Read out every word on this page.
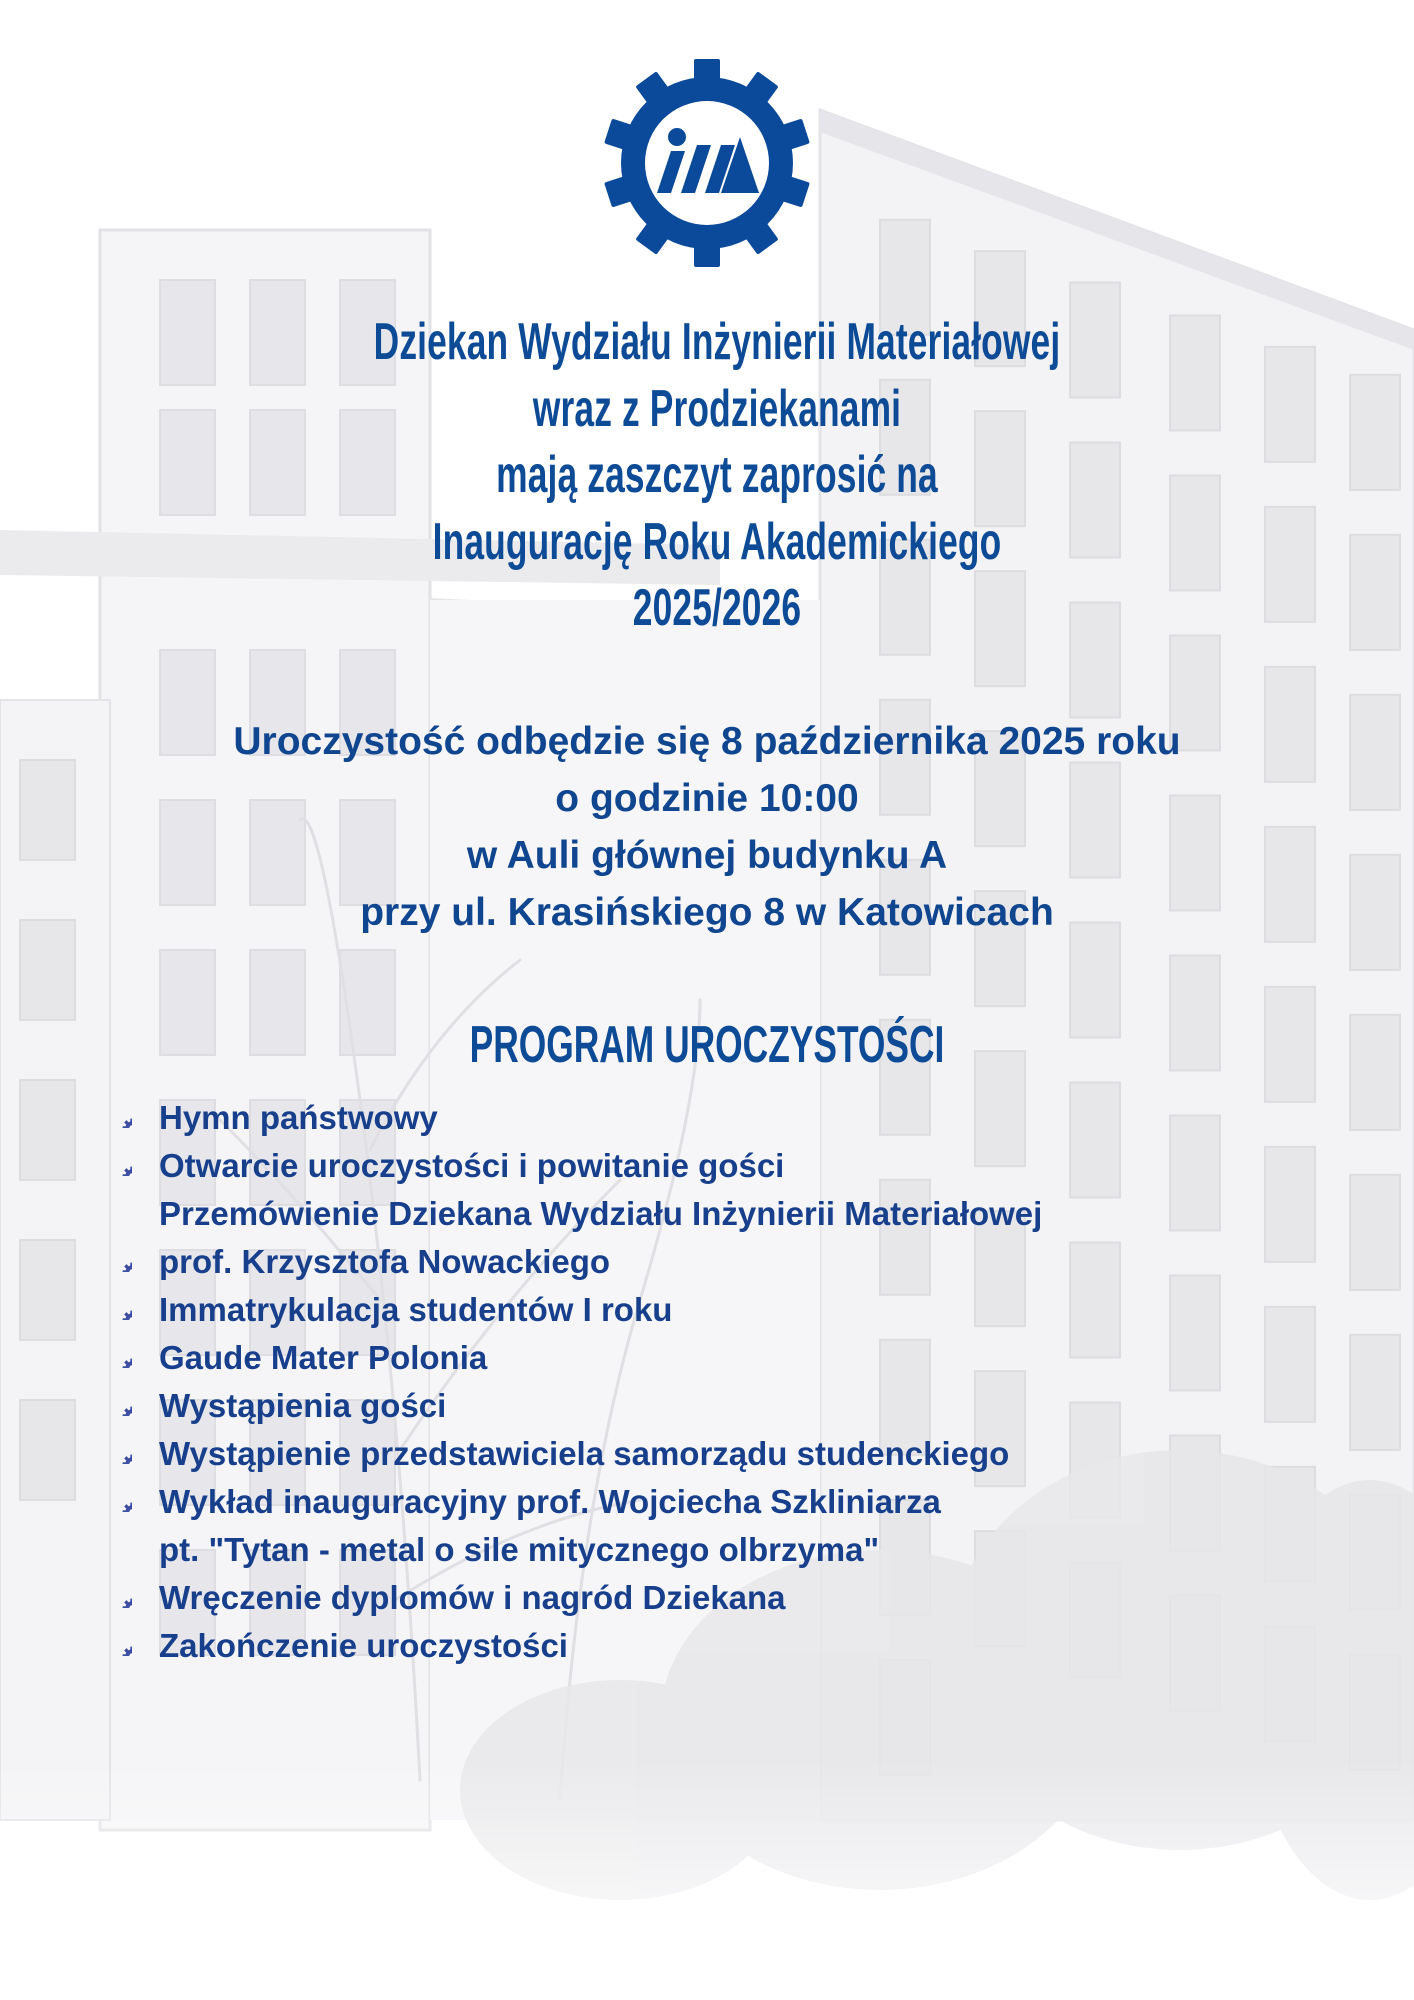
Dziekan Wydziału Inżynierii Materiałowej
wraz z Prodziekanami
mają zaszczyt zaprosić na
Inaugurację Roku Akademickiego
2025/2026
Uroczystość odbędzie się 8 października 2025 roku
o godzinie 10:00
w Auli głównej budynku A
przy ul. Krasińskiego 8 w Katowicach
PROGRAM UROCZYSTOŚCI
Hymn państwowy
Otwarcie uroczystości i powitanie gości
Przemówienie Dziekana Wydziału Inżynierii Materiałowej
prof. Krzysztofa Nowackiego
Immatrykulacja studentów I roku
Gaude Mater Polonia
Wystąpienia gości
Wystąpienie przedstawiciela samorządu studenckiego
Wykład inauguracyjny prof. Wojciecha Szkliniarza
pt. "Tytan - metal o sile mitycznego olbrzyma"
Wręczenie dyplomów i nagród Dziekana
Zakończenie uroczystości
